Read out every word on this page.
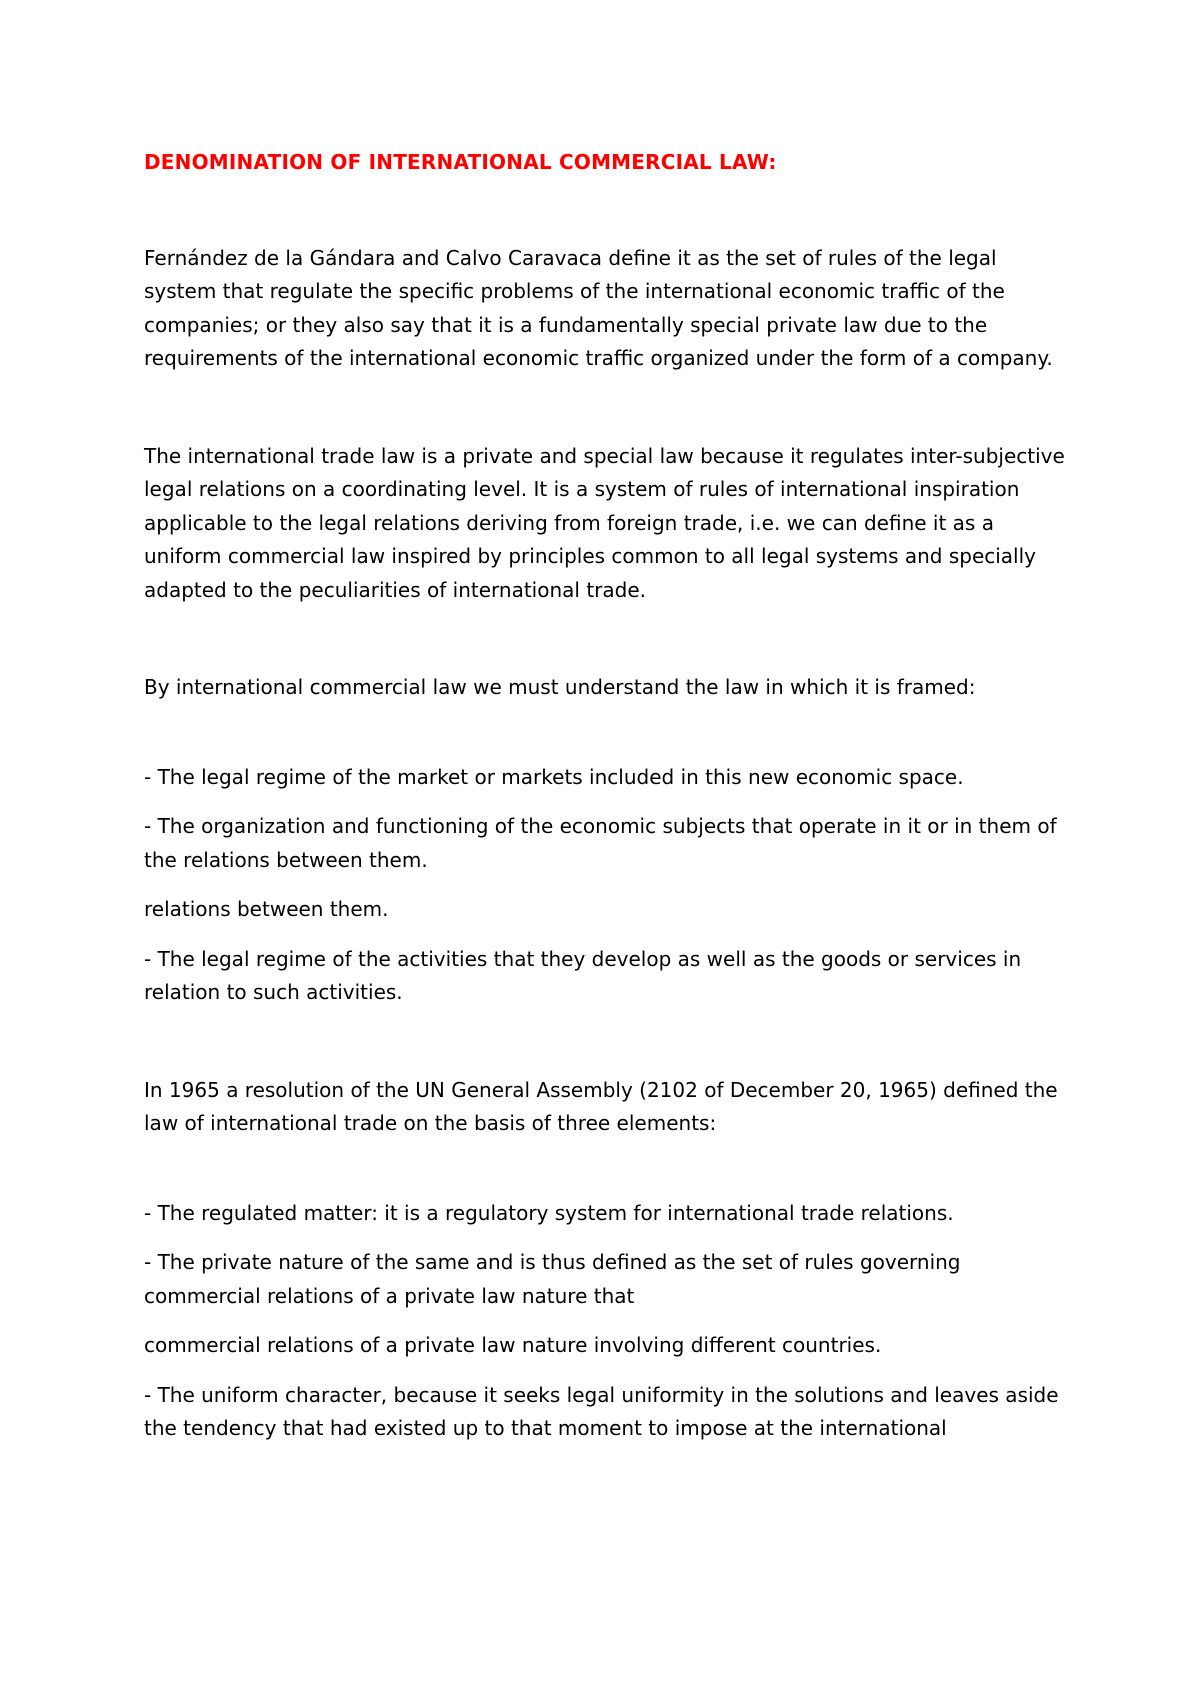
DENOMINATION OF INTERNATIONAL COMMERCIAL LAW:

Fernández de la Gándara and Calvo Caravaca define it as the set of rules of the legal system that regulate the specific problems of the international economic traffic of the companies; or they also say that it is a fundamentally special private law due to the requirements of the international economic traffic organized under the form of a company.

The international trade law is a private and special law because it regulates inter-subjective legal relations on a coordinating level. It is a system of rules of international inspiration applicable to the legal relations deriving from foreign trade, i.e. we can define it as a uniform commercial law inspired by principles common to all legal systems and specially adapted to the peculiarities of international trade.

By international commercial law we must understand the law in which it is framed:

- The legal regime of the market or markets included in this new economic space.

- The organization and functioning of the economic subjects that operate in it or in them of the relations between them.

relations between them.

- The legal regime of the activities that they develop as well as the goods or services in relation to such activities.

In 1965 a resolution of the UN General Assembly (2102 of December 20, 1965) defined the law of international trade on the basis of three elements:

- The regulated matter: it is a regulatory system for international trade relations.

- The private nature of the same and is thus defined as the set of rules governing commercial relations of a private law nature that

commercial relations of a private law nature involving different countries.

- The uniform character, because it seeks legal uniformity in the solutions and leaves aside the tendency that had existed up to that moment to impose at the international
